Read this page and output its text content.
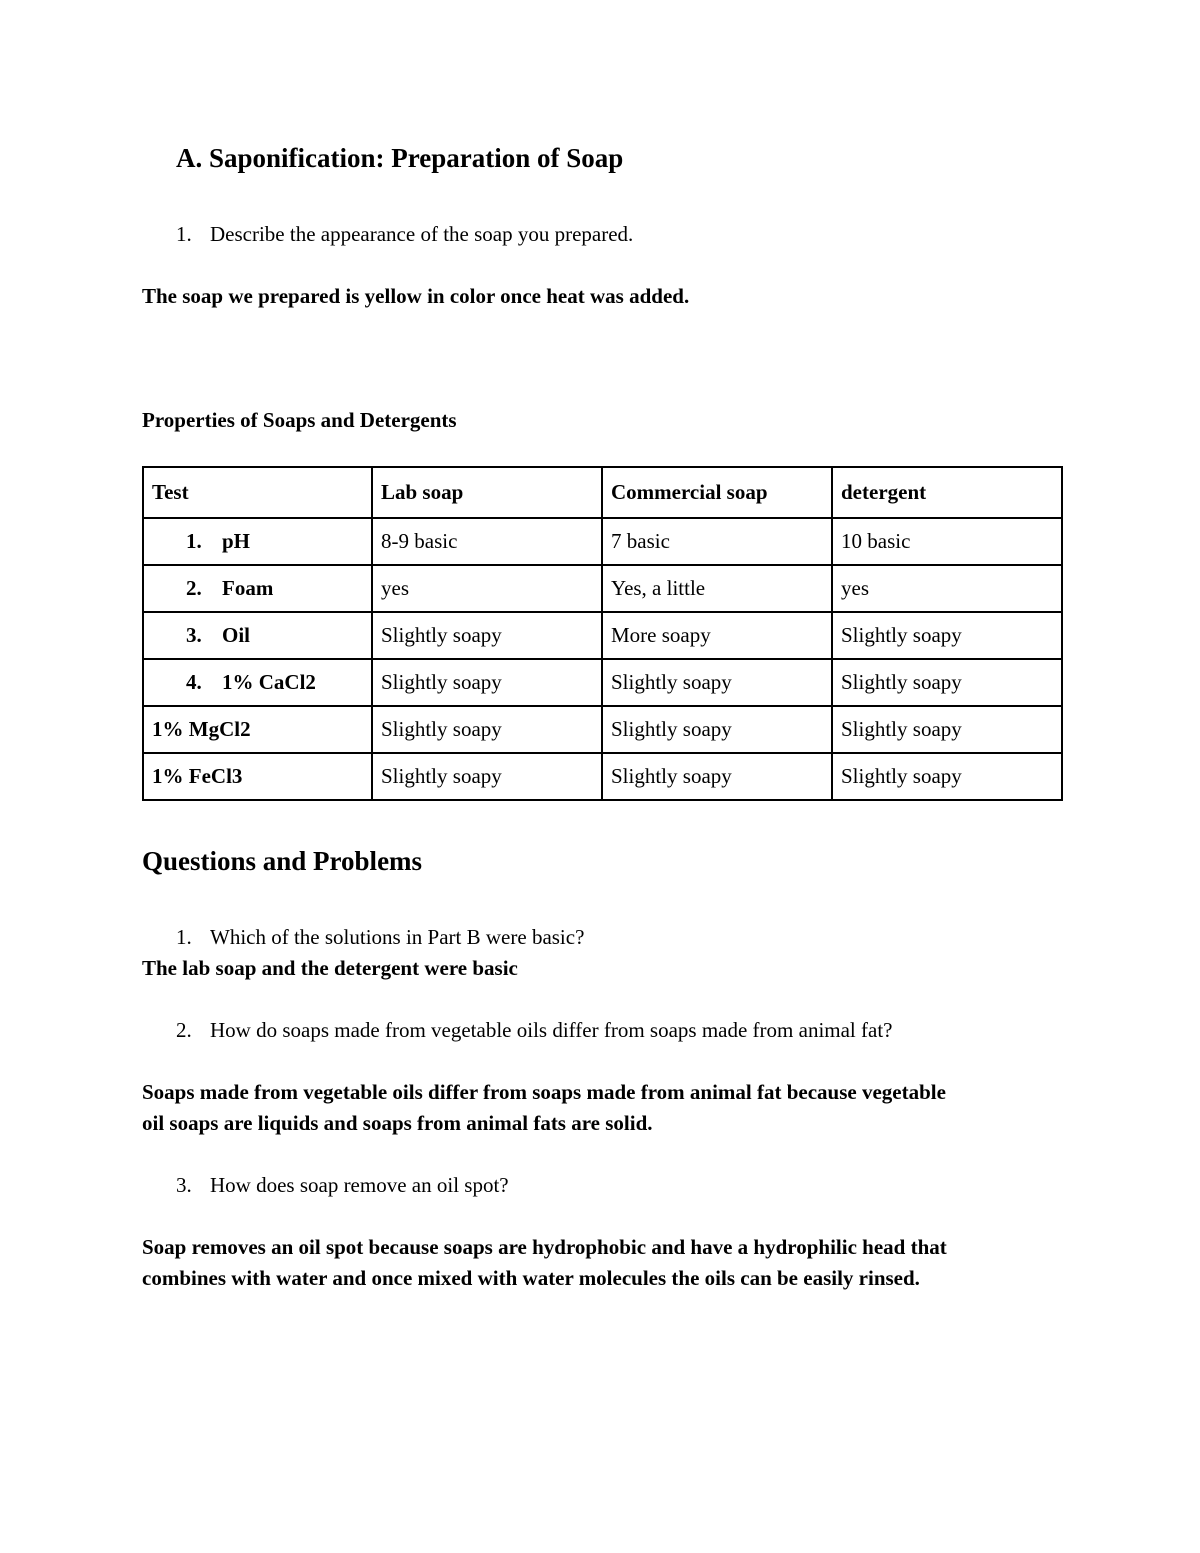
A. Saponification: Preparation of Soap
1. Describe the appearance of the soap you prepared.
The soap we prepared is yellow in color once heat was added.
Properties of Soaps and Detergents
Test	Lab soap	Commercial soap	detergent
1. pH	8-9 basic	7 basic	10 basic
2. Foam	yes	Yes, a little	yes
3. Oil	Slightly soapy	More soapy	Slightly soapy
4. 1% CaCl2	Slightly soapy	Slightly soapy	Slightly soapy
1% MgCl2	Slightly soapy	Slightly soapy	Slightly soapy
1% FeCl3	Slightly soapy	Slightly soapy	Slightly soapy
Questions and Problems
1. Which of the solutions in Part B were basic?
The lab soap and the detergent were basic
2. How do soaps made from vegetable oils differ from soaps made from animal fat?
Soaps made from vegetable oils differ from soaps made from animal fat because vegetable
oil soaps are liquids and soaps from animal fats are solid.
3. How does soap remove an oil spot?
Soap removes an oil spot because soaps are hydrophobic and have a hydrophilic head that
combines with water and once mixed with water molecules the oils can be easily rinsed.
